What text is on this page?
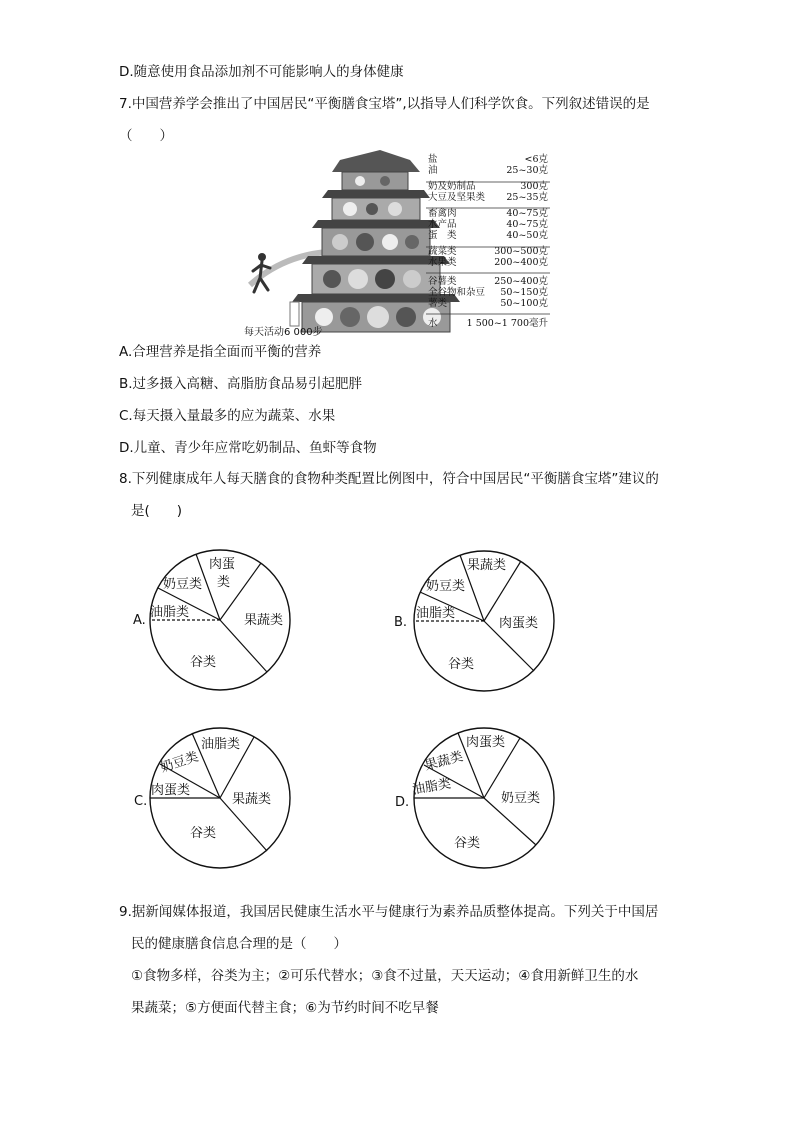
D.随意使用食品添加剂不可能影响人的身体健康
7.中国营养学会推出了中国居民“平衡膳食宝塔”,以指导人们科学饮食。下列叙述错误的是
（　　）
每天活动6 000步
盐	<6克
油	25~30克
奶及奶制品	300克
大豆及坚果类 25~35克
畜禽肉	40~75克
水产品	40~75克
蛋　类	40~50克
蔬菜类	300~500克
水果类	200~400克
谷薯类	250~400克
全谷物和杂豆 50~150克
薯类	50~100克
水	1 500~1 700毫升
A.合理营养是指全面而平衡的营养
B.过多摄入高糖、高脂肪食品易引起肥胖
C.每天摄入量最多的应为蔬菜、水果
D.儿童、青少年应常吃奶制品、鱼虾等食物
8.下列健康成年人每天膳食的食物种类配置比例图中，符合中国居民“平衡膳食宝塔”建议的
是(　　)
A.
肉蛋
类
奶豆类
油脂类
果蔬类
谷类
B.
果蔬类
奶豆类
油脂类
肉蛋类
谷类
C.
油脂类
奶豆类
肉蛋类
果蔬类
谷类
D.
肉蛋类
果蔬类
油脂类
奶豆类
谷类
9.据新闻媒体报道，我国居民健康生活水平与健康行为素养品质整体提高。下列关于中国居
民的健康膳食信息合理的是（　　）
①食物多样，谷类为主；②可乐代替水；③食不过量，天天运动；④食用新鲜卫生的水
果蔬菜；⑤方便面代替主食；⑥为节约时间不吃早餐
